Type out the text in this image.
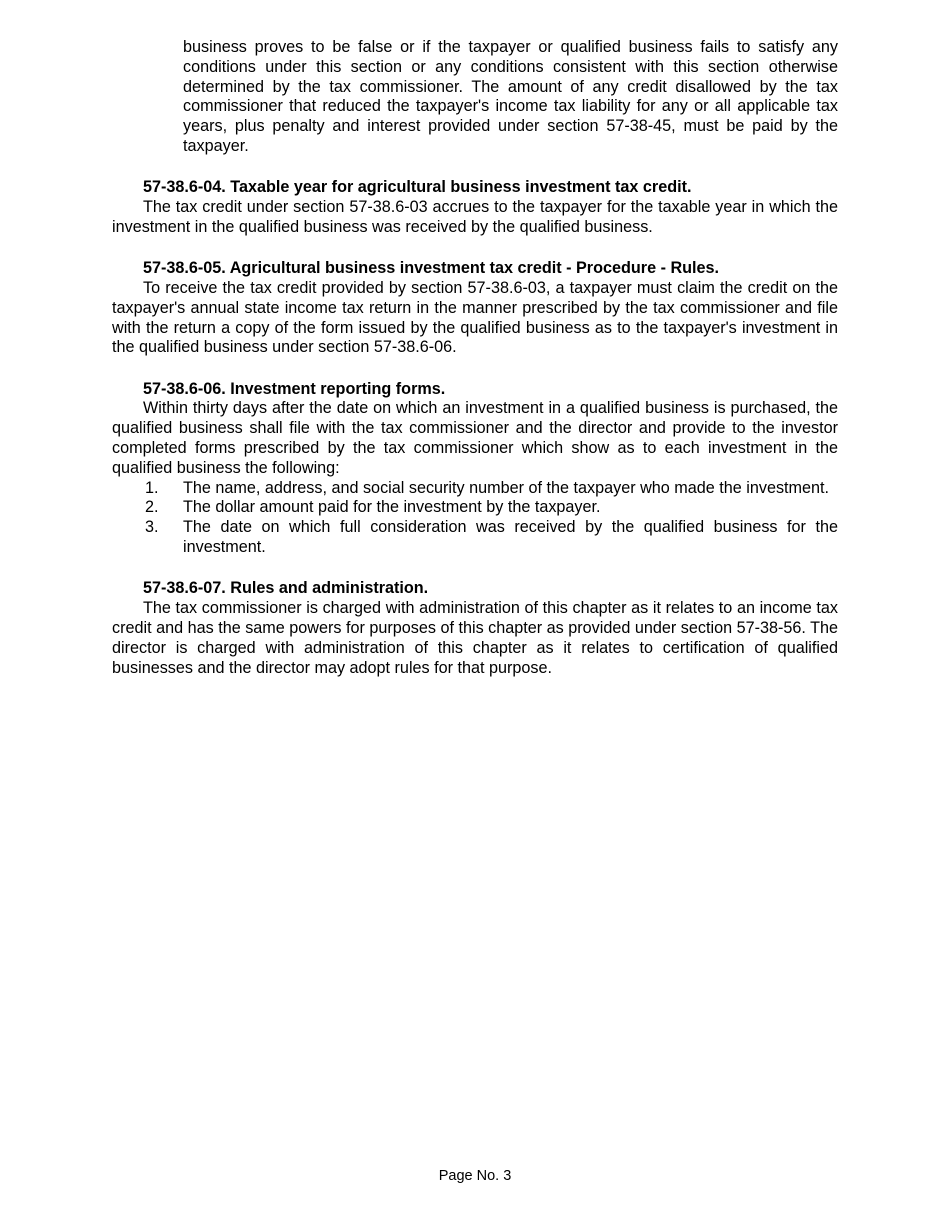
business proves to be false or if the taxpayer or qualified business fails to satisfy any conditions under this section or any conditions consistent with this section otherwise determined by the tax commissioner. The amount of any credit disallowed by the tax commissioner that reduced the taxpayer's income tax liability for any or all applicable tax years, plus penalty and interest provided under section 57-38-45, must be paid by the taxpayer.
57-38.6-04. Taxable year for agricultural business investment tax credit.
The tax credit under section 57-38.6-03 accrues to the taxpayer for the taxable year in which the investment in the qualified business was received by the qualified business.
57-38.6-05. Agricultural business investment tax credit - Procedure - Rules.
To receive the tax credit provided by section 57-38.6-03, a taxpayer must claim the credit on the taxpayer's annual state income tax return in the manner prescribed by the tax commissioner and file with the return a copy of the form issued by the qualified business as to the taxpayer's investment in the qualified business under section 57-38.6-06.
57-38.6-06. Investment reporting forms.
Within thirty days after the date on which an investment in a qualified business is purchased, the qualified business shall file with the tax commissioner and the director and provide to the investor completed forms prescribed by the tax commissioner which show as to each investment in the qualified business the following:
1. The name, address, and social security number of the taxpayer who made the investment.
2. The dollar amount paid for the investment by the taxpayer.
3. The date on which full consideration was received by the qualified business for the investment.
57-38.6-07. Rules and administration.
The tax commissioner is charged with administration of this chapter as it relates to an income tax credit and has the same powers for purposes of this chapter as provided under section 57-38-56. The director is charged with administration of this chapter as it relates to certification of qualified businesses and the director may adopt rules for that purpose.
Page No. 3
